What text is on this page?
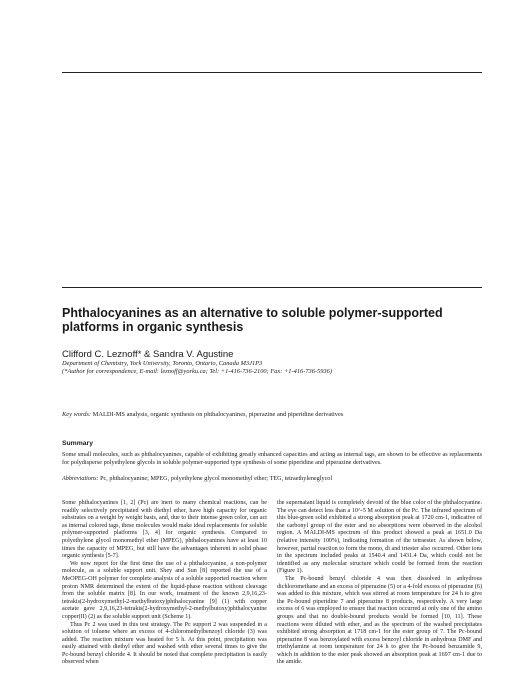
Phthalocyanines as an alternative to soluble polymer-supported platforms in organic synthesis
Clifford C. Leznoff* & Sandra V. Agustine
Department of Chemistry, York University, Toronto, Ontario, Canada M3J1P3
(*Author for correspondence, E-mail: leznoff@yorku.ca; Tel: +1-416-736-2100; Fax: +1-416-736-5936)
Key words: MALDI-MS analysis, organic synthesis on phthalocyanines, piperazine and piperidine derivatives
Summary
Some small molecules, such as phthalocyanines, capable of exhibiting greatly enhanced capacities and acting as internal tags, are shown to be effective as replacements for polydisperse polyethylene glycols in soluble polymer-supported type synthesis of some piperidine and piperazine derivatives.
Abbreviations: Pc, phthalocyanine; MPEG, polyethylene glycol monomethyl ether; TEG, tetraethyleneglycol

Some phthalocyanines [1, 2] (Pc) are inert to many chemical reactions, can be readily selectively precipitated with diethyl ether, have high capacity for organic substrates on a weight by weight basis, and, due to their intense green color, can act as internal colored tags, these molecules would make ideal replacements for soluble polymer-supported platforms [3, 4] for organic synthesis. Compared to polyethylene glycol monomethyl ether (MPEG), phthalocyanines have at least 10 times the capacity of MPEG, but still have the advantages inherent in solid phase organic synthesis [5-7].

We now report for the first time the use of a phthalocyanine, a non-polymer molecule, as a soluble support unit. Shey and Sun [8] reported the use of a MeOPEG-OH polymer for complete analysis of a soluble supported reaction where proton NMR determined the extent of the liquid-phase reaction without cleavage from the soluble matrix [8]. In our work, treatment of the known 2,9,16,23-tetrakis(2-hydroxymethyl-2-methylbutoxy)phthalocyanine [9] (1) with copper acetate gave 2,9,16,23-tetrakis(2-hydroxymethyl-2-methylbutoxy)phthalocyanine copper(II) (2) as the soluble support unit (Scheme 1).

Thus Pc 2 was used in this test strategy. The Pc support 2 was suspended in a solution of toluene where an excess of 4-chloromethylbenzoyl chloride (3) was added. The reaction mixture was heated for 5 h. At this point, precipitation was easily attained with diethyl ether and washed with ether several times to give the Pc-bound benzyl chloride 4. It should be noted that complete precipitation is easily observed when

the supernatant liquid is completely devoid of the blue color of the phthalocyanine. The eye can detect less than a 10^-5 M solution of the Pc. The infrared spectrum of this blue-green solid exhibited a strong absorption peak at 1720 cm-1, indicative of the carbonyl group of the ester and no absorptions were observed in the alcohol region. A MALDI-MS spectrum of this product showed a peak at 1651.0 Da (relative intensity 100%), indicating formation of the tetraester. As shown below, however, partial reaction to form the mono, di and triester also occurred. Other ions in the spectrum included peaks at 1540.4 and 1431.4 Da, which could not be identified as any molecular structure which could be formed from the reaction (Figure 1).

The Pc-bound benzyl chloride 4 was then dissolved in anhydrous dichloromethane and an excess of piperazine (5) or a 4-fold excess of piperazine (6) was added to this mixture, which was stirred at room temperature for 24 h to give the Pc-bound piperidine 7 and piperazine 8 products, respectively. A very large excess of 6 was employed to ensure that reaction occurred at only one of the amino groups and that no double-bound products would be formed [10, 11]. These reactions were diluted with ether, and as the spectrum of the washed precipitates exhibited strong absorption at 1718 cm-1 for the ester group of 7. The Pc-bound piperazine 8 was benzoylated with excess benzoyl chloride in anhydrous DMF and triethylamine at room temperature for 24 h to give the Pc-bound benzamide 9, which in addition to the ester peak showed an absorption peak at 1697 cm-1 due to the amide.
